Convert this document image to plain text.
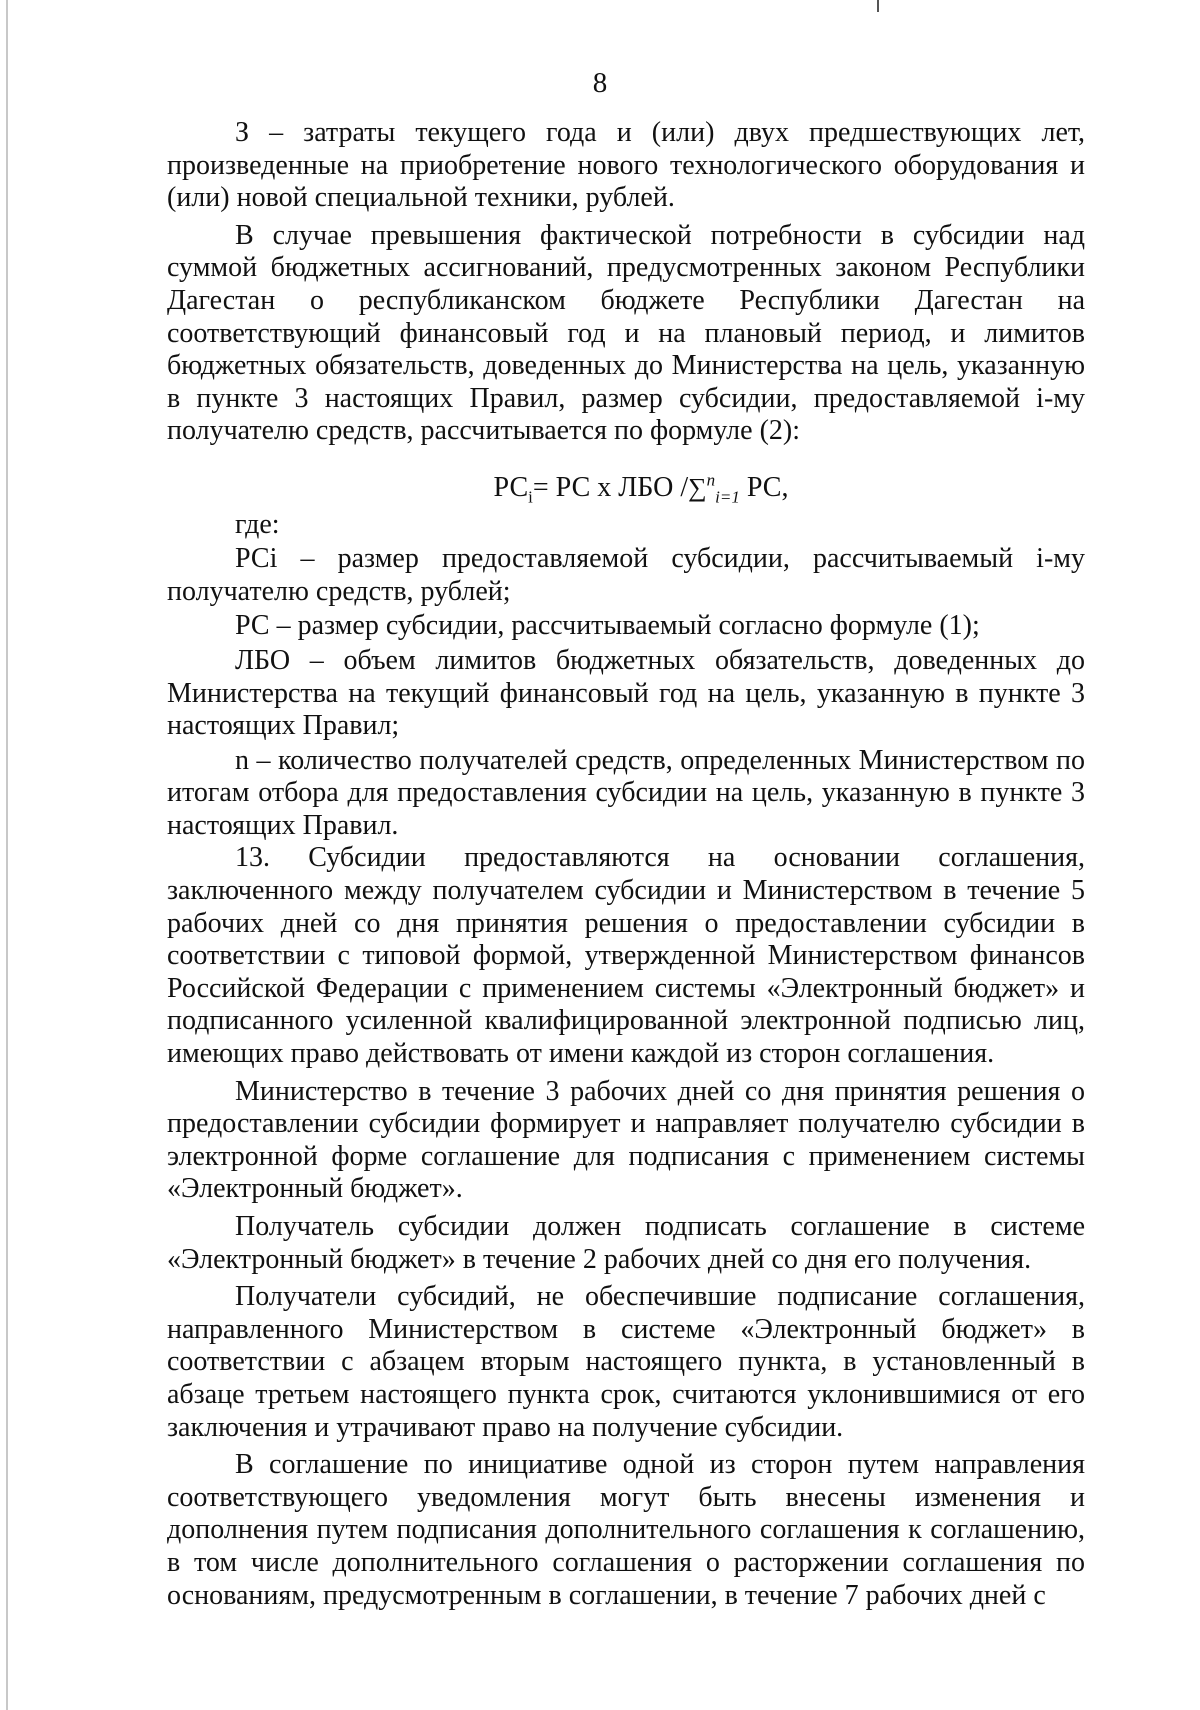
8

З – затраты текущего года и (или) двух предшествующих лет, произведенные на приобретение нового технологического оборудования и (или) новой специальной техники, рублей.

В случае превышения фактической потребности в субсидии над суммой бюджетных ассигнований, предусмотренных законом Республики Дагестан о республиканском бюджете Республики Дагестан на соответствующий финансовый год и на плановый период, и лимитов бюджетных обязательств, доведенных до Министерства на цель, указанную в пункте 3 настоящих Правил, размер субсидии, предоставляемой i-му получателю средств, рассчитывается по формуле (2):

$РС_i=$ РС х ЛБО /∑$^n_{i=1}$ РС,

где:

РСi – размер предоставляемой субсидии, рассчитываемый i-му получателю средств, рублей;

РС – размер субсидии, рассчитываемый согласно формуле (1);

ЛБО – объем лимитов бюджетных обязательств, доведенных до Министерства на текущий финансовый год на цель, указанную в пункте 3 настоящих Правил;

n – количество получателей средств, определенных Министерством по итогам отбора для предоставления субсидии на цель, указанную в пункте 3 настоящих Правил.

13. Субсидии предоставляются на основании соглашения, заключенного между получателем субсидии и Министерством в течение 5 рабочих дней со дня принятия решения о предоставлении субсидии в соответствии с типовой формой, утвержденной Министерством финансов Российской Федерации с применением системы «Электронный бюджет» и подписанного усиленной квалифицированной электронной подписью лиц, имеющих право действовать от имени каждой из сторон соглашения.

Министерство в течение 3 рабочих дней со дня принятия решения о предоставлении субсидии формирует и направляет получателю субсидии в электронной форме соглашение для подписания с применением системы «Электронный бюджет».

Получатель субсидии должен подписать соглашение в системе «Электронный бюджет» в течение 2 рабочих дней со дня его получения.

Получатели субсидий, не обеспечившие подписание соглашения, направленного Министерством в системе «Электронный бюджет» в соответствии с абзацем вторым настоящего пункта, в установленный в абзаце третьем настоящего пункта срок, считаются уклонившимися от его заключения и утрачивают право на получение субсидии.

В соглашение по инициативе одной из сторон путем направления соответствующего уведомления могут быть внесены изменения и дополнения путем подписания дополнительного соглашения к соглашению, в том числе дополнительного соглашения о расторжении соглашения по основаниям, предусмотренным в соглашении, в течение 7 рабочих дней с
